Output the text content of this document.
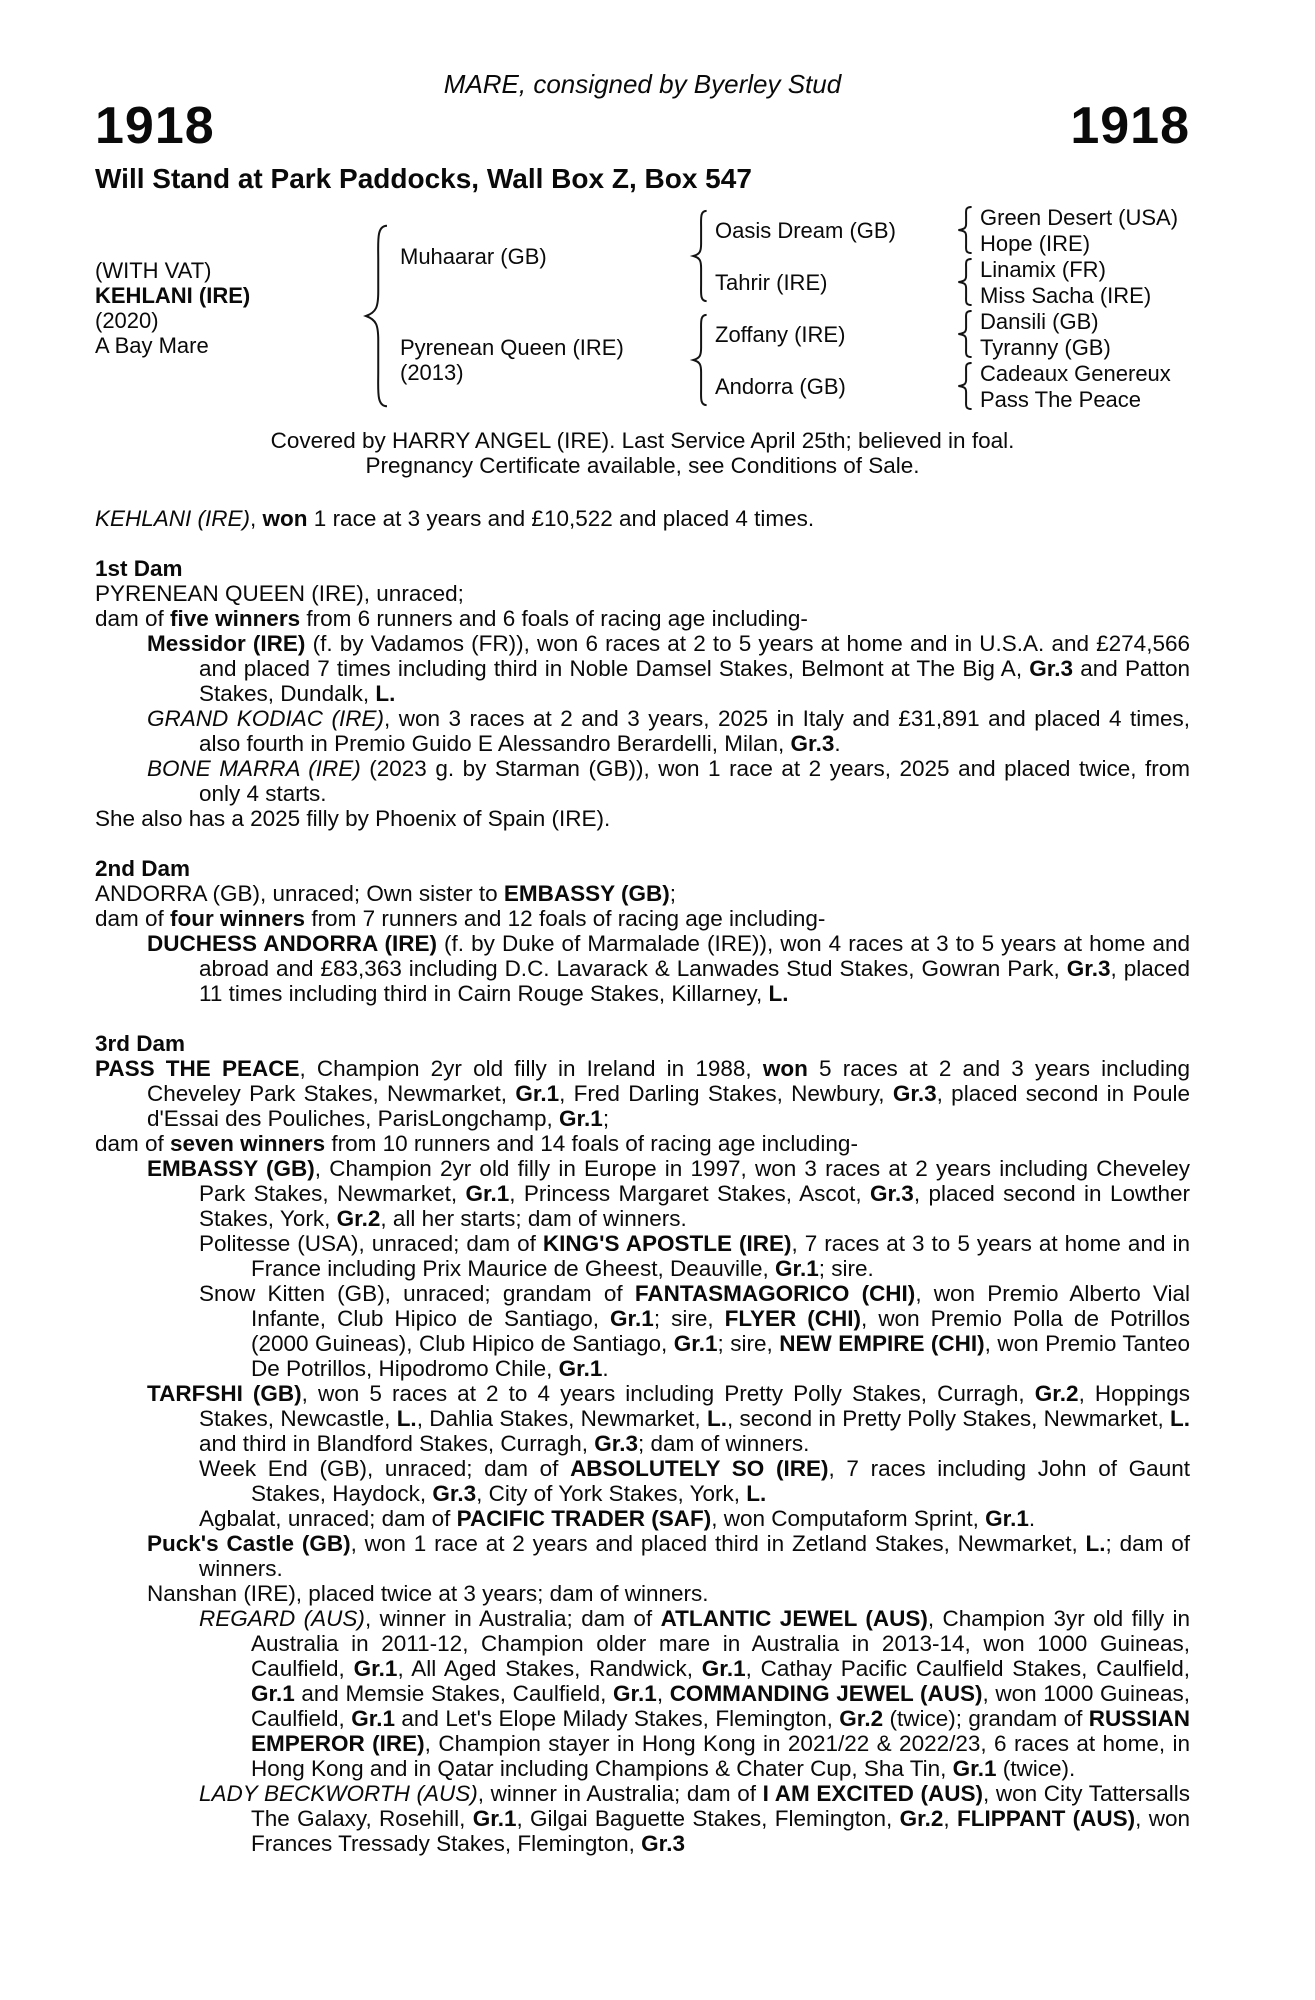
MARE, consigned by Byerley Stud
1918	1918
Will Stand at Park Paddocks, Wall Box Z, Box 547
(WITH VAT)
KEHLANI (IRE)
(2020)
A Bay Mare
Muhaarar (GB)
Pyrenean Queen (IRE)
(2013)
Oasis Dream (GB)
Tahrir (IRE)
Zoffany (IRE)
Andorra (GB)
Green Desert (USA)
Hope (IRE)
Linamix (FR)
Miss Sacha (IRE)
Dansili (GB)
Tyranny (GB)
Cadeaux Genereux
Pass The Peace
Covered by HARRY ANGEL (IRE). Last Service April 25th; believed in foal.
Pregnancy Certificate available, see Conditions of Sale.

KEHLANI (IRE), won 1 race at 3 years and £10,522 and placed 4 times.

1st Dam

PYRENEAN QUEEN (IRE), unraced;

dam of five winners from 6 runners and 6 foals of racing age including-

Messidor (IRE) (f. by Vadamos (FR)), won 6 races at 2 to 5 years at home and in U.S.A. and £274,566 and placed 7 times including third in Noble Damsel Stakes, Belmont at The Big A, Gr.3 and Patton Stakes, Dundalk, L.

GRAND KODIAC (IRE), won 3 races at 2 and 3 years, 2025 in Italy and £31,891 and placed 4 times, also fourth in Premio Guido E Alessandro Berardelli, Milan, Gr.3.

BONE MARRA (IRE) (2023 g. by Starman (GB)), won 1 race at 2 years, 2025 and placed twice, from only 4 starts.

She also has a 2025 filly by Phoenix of Spain (IRE).

2nd Dam

ANDORRA (GB), unraced; Own sister to EMBASSY (GB);

dam of four winners from 7 runners and 12 foals of racing age including-

DUCHESS ANDORRA (IRE) (f. by Duke of Marmalade (IRE)), won 4 races at 3 to 5 years at home and abroad and £83,363 including D.C. Lavarack & Lanwades Stud Stakes, Gowran Park, Gr.3, placed 11 times including third in Cairn Rouge Stakes, Killarney, L.

3rd Dam

PASS THE PEACE, Champion 2yr old filly in Ireland in 1988, won 5 races at 2 and 3 years including Cheveley Park Stakes, Newmarket, Gr.1, Fred Darling Stakes, Newbury, Gr.3, placed second in Poule d'Essai des Pouliches, ParisLongchamp, Gr.1;

dam of seven winners from 10 runners and 14 foals of racing age including-

EMBASSY (GB), Champion 2yr old filly in Europe in 1997, won 3 races at 2 years including Cheveley Park Stakes, Newmarket, Gr.1, Princess Margaret Stakes, Ascot, Gr.3, placed second in Lowther Stakes, York, Gr.2, all her starts; dam of winners.

Politesse (USA), unraced; dam of KING'S APOSTLE (IRE), 7 races at 3 to 5 years at home and in France including Prix Maurice de Gheest, Deauville, Gr.1; sire.

Snow Kitten (GB), unraced; grandam of FANTASMAGORICO (CHI), won Premio Alberto Vial Infante, Club Hipico de Santiago, Gr.1; sire, FLYER (CHI), won Premio Polla de Potrillos (2000 Guineas), Club Hipico de Santiago, Gr.1; sire, NEW EMPIRE (CHI), won Premio Tanteo De Potrillos, Hipodromo Chile, Gr.1.

TARFSHI (GB), won 5 races at 2 to 4 years including Pretty Polly Stakes, Curragh, Gr.2, Hoppings Stakes, Newcastle, L., Dahlia Stakes, Newmarket, L., second in Pretty Polly Stakes, Newmarket, L. and third in Blandford Stakes, Curragh, Gr.3; dam of winners.

Week End (GB), unraced; dam of ABSOLUTELY SO (IRE), 7 races including John of Gaunt Stakes, Haydock, Gr.3, City of York Stakes, York, L.

Agbalat, unraced; dam of PACIFIC TRADER (SAF), won Computaform Sprint, Gr.1.

Puck's Castle (GB), won 1 race at 2 years and placed third in Zetland Stakes, Newmarket, L.; dam of winners.

Nanshan (IRE), placed twice at 3 years; dam of winners.

REGARD (AUS), winner in Australia; dam of ATLANTIC JEWEL (AUS), Champion 3yr old filly in Australia in 2011-12, Champion older mare in Australia in 2013-14, won 1000 Guineas, Caulfield, Gr.1, All Aged Stakes, Randwick, Gr.1, Cathay Pacific Caulfield Stakes, Caulfield, Gr.1 and Memsie Stakes, Caulfield, Gr.1, COMMANDING JEWEL (AUS), won 1000 Guineas, Caulfield, Gr.1 and Let's Elope Milady Stakes, Flemington, Gr.2 (twice); grandam of RUSSIAN EMPEROR (IRE), Champion stayer in Hong Kong in 2021/22 & 2022/23, 6 races at home, in Hong Kong and in Qatar including Champions & Chater Cup, Sha Tin, Gr.1 (twice).

LADY BECKWORTH (AUS), winner in Australia; dam of I AM EXCITED (AUS), won City Tattersalls The Galaxy, Rosehill, Gr.1, Gilgai Baguette Stakes, Flemington, Gr.2, FLIPPANT (AUS), won Frances Tressady Stakes, Flemington, Gr.3
